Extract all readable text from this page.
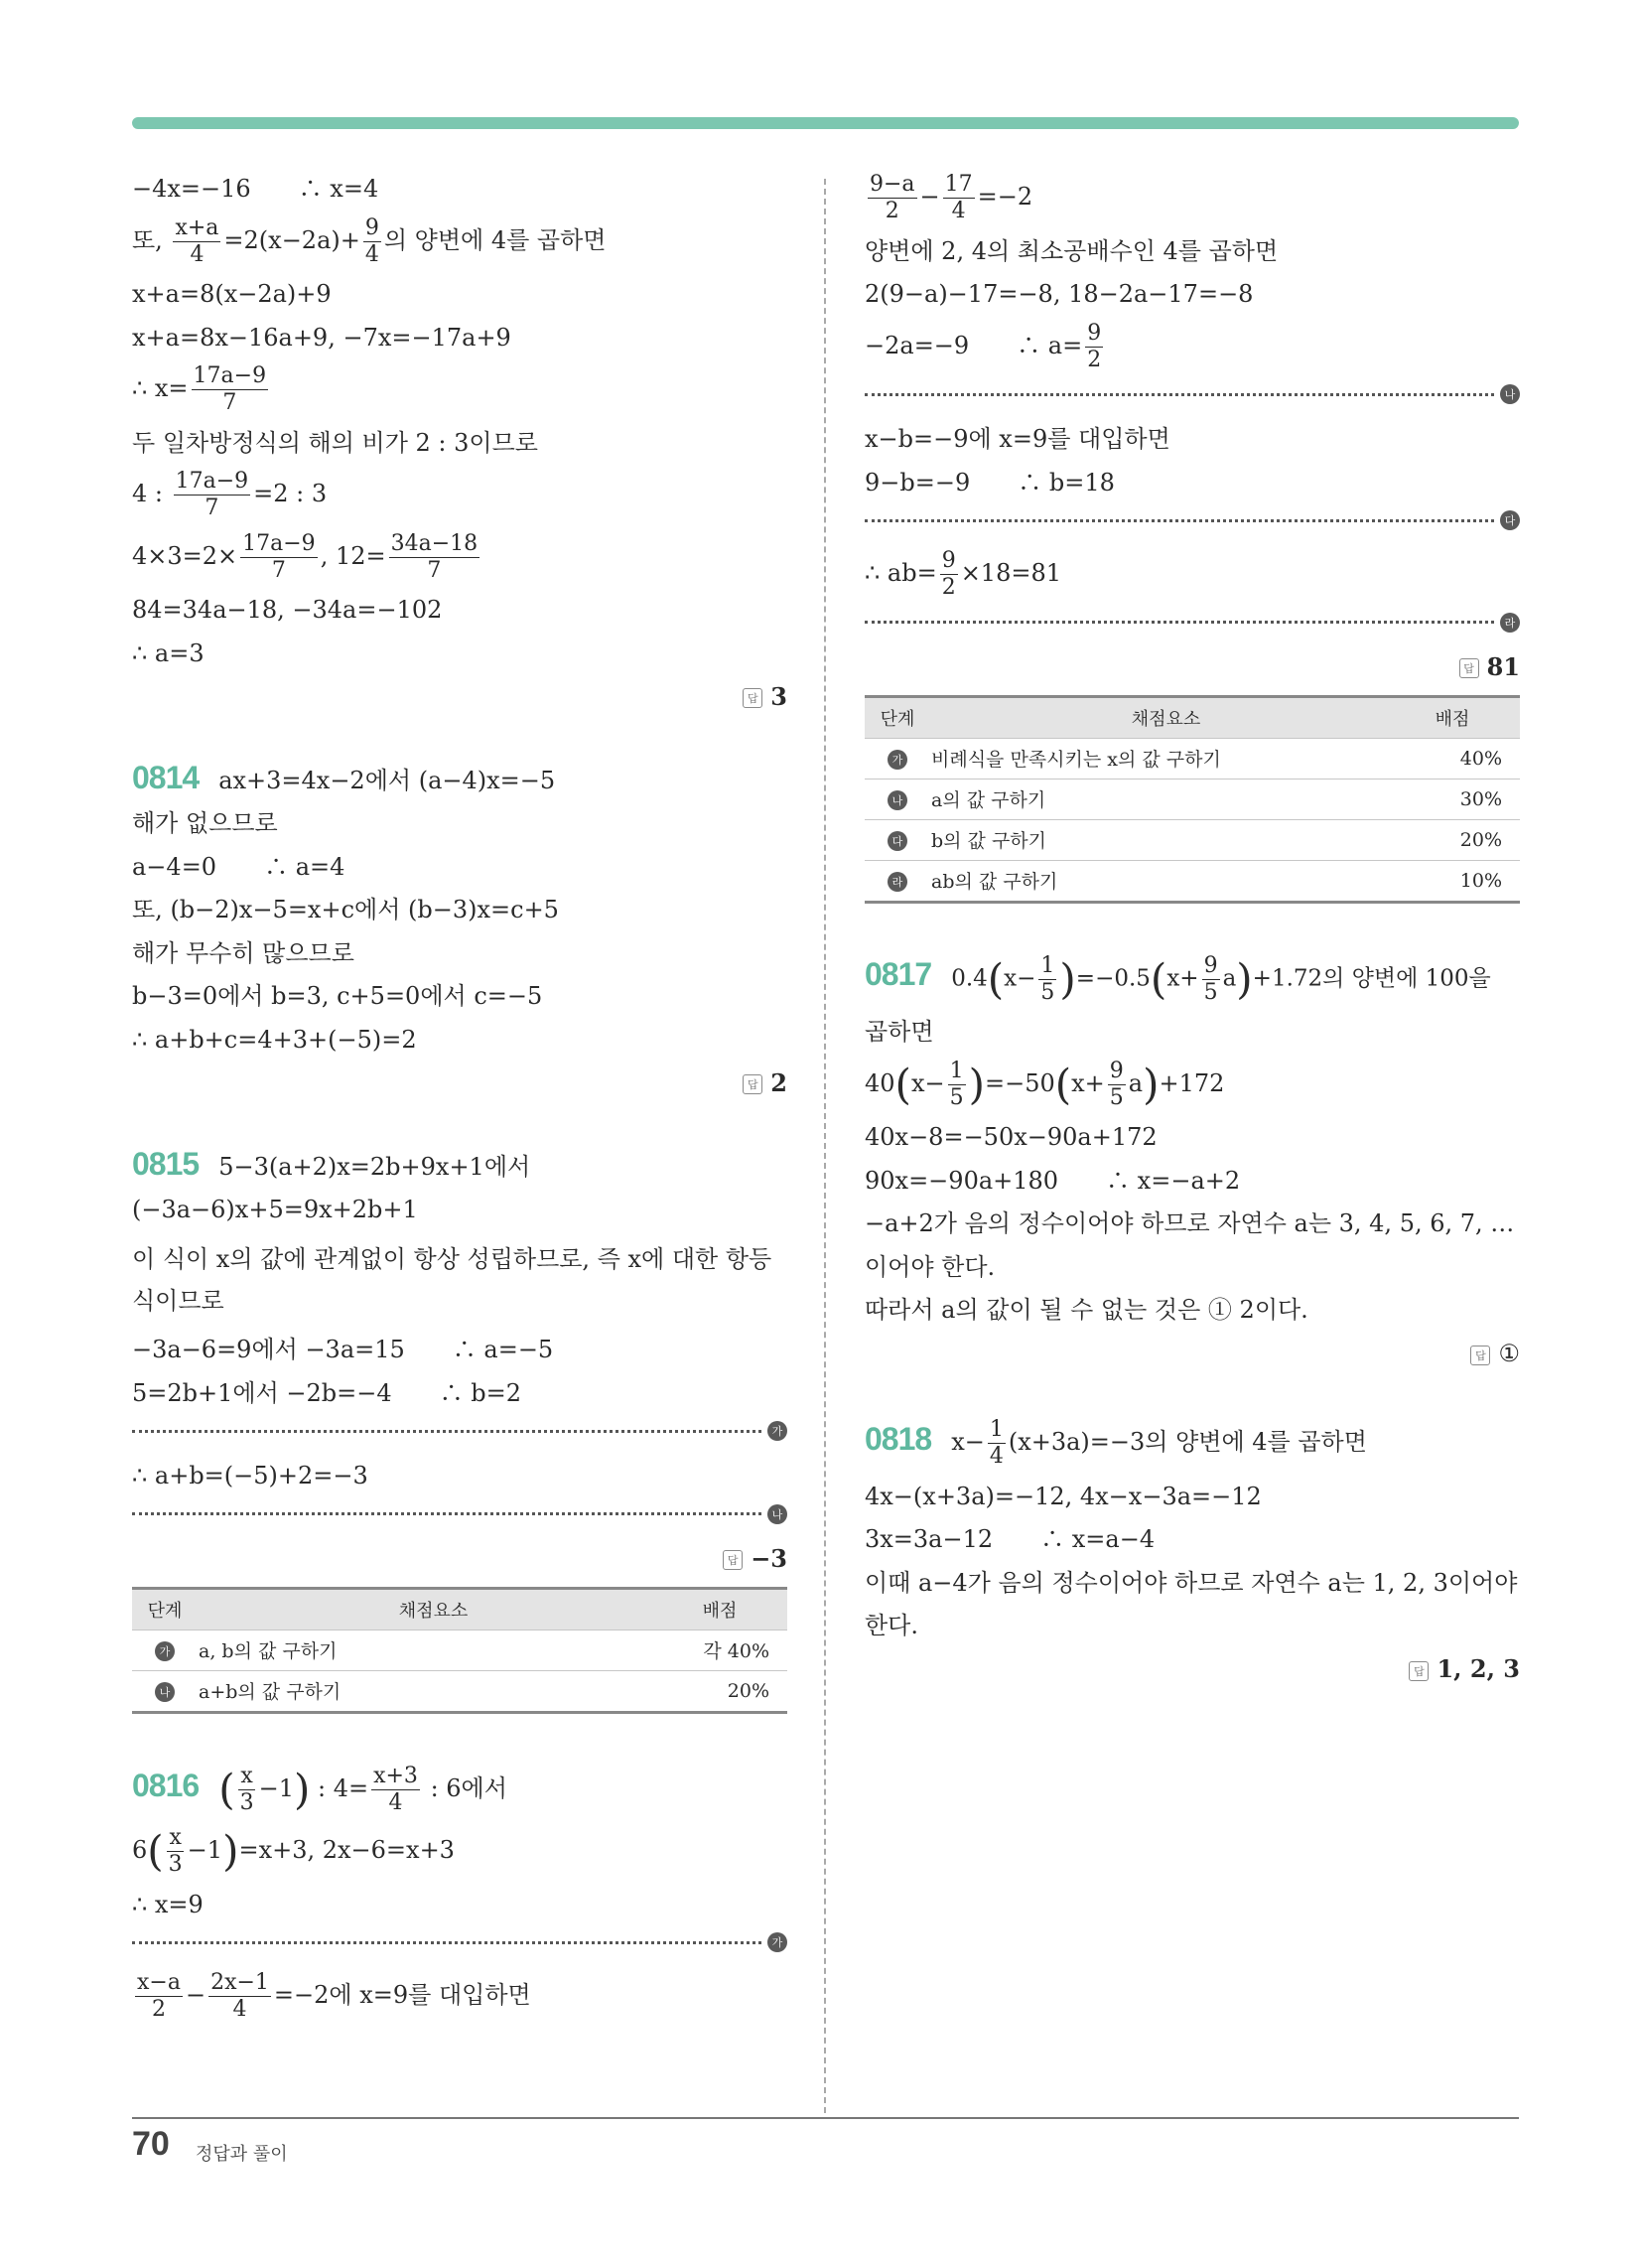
−4x=−16　　∴ x=4
또, $\frac{x+a}{4} =2(x-2a)+ \frac{9}{4}$ 의 양변에 4를 곱하면
x+a=8(x−2a)+9
x+a=8x−16a+9, −7x=−17a+9
∴ $x= \frac{17a-9}{7}$
두 일차방정식의 해의 비가 2 : 3이므로
4 : $\frac{17a-9}{7} =2$ : 3
$4\times 3=2\times \frac{17a-9}{7}$ , $12= \frac{34a-18}{7}$
84=34a−18, −34a=−102
∴ a=3
답 3
0814 ax+3=4x−2에서 (a−4)x=−5
해가 없으므로
a−4=0　　∴ a=4
또, (b−2)x−5=x+c에서 (b−3)x=c+5
해가 무수히 많으므로
b−3=0에서 b=3, c+5=0에서 c=−5
∴ a+b+c=4+3+(−5)=2
답 2
0815 5−3(a+2)x=2b+9x+1에서
(−3a−6)x+5=9x+2b+1
이 식이 x의 값에 관계없이 항상 성립하므로, 즉 x에 대한 항등식이므로
−3a−6=9에서 −3a=15　　∴ a=−5
5=2b+1에서 −2b=−4　　∴ b=2
가
∴ a+b=(−5)+2=−3
나
답 −3
단계	채점요소	배점
가	a, b의 값 구하기	각 40%
나	a+b의 값 구하기	20%
0816 ( $\frac{x}{3} -1$) : $4= \frac{x+3}{4}$ : 6에서
$6( \frac{x}{3} -1)=x+3$, 2x−6=x+3
∴ x=9
가
$\frac{x-a}{2} - \frac{2x-1}{4} =-2$에 x=9를 대입하면
$\frac{9-a}{2} - \frac{17}{4} =-2$
양변에 2, 4의 최소공배수인 4를 곱하면
2(9−a)−17=−8, 18−2a−17=−8
−2a=−9　　∴ $a= \frac{9}{2}$
나
x−b=−9에 x=9를 대입하면
9−b=−9　　∴ b=18
다
∴ $ab= \frac{9}{2} \times 18=81$
라
답 81
단계	채점요소	배점
가	비례식을 만족시키는 x의 값 구하기	40%
나	a의 값 구하기	30%
다	b의 값 구하기	20%
라	ab의 값 구하기	10%
0817 $0.4(x- \frac{1}{5} )=-0.5(x+ \frac{9}{5} a)+1.72$의 양변에 100을
곱하면
$40(x- \frac{1}{5} )=-50(x+ \frac{9}{5} a)+172$
40x−8=−50x−90a+172
90x=−90a+180　　∴ x=−a+2
−a+2가 음의 정수이어야 하므로 자연수 a는 3, 4, 5, 6, 7, …
이어야 한다.
따라서 a의 값이 될 수 없는 것은 ① 2이다.
답 ①
0818 $x- \frac{1}{4} (x+3a)=-3$의 양변에 4를 곱하면
4x−(x+3a)=−12, 4x−x−3a=−12
3x=3a−12　　∴ x=a−4
이때 a−4가 음의 정수이어야 하므로 자연수 a는 1, 2, 3이어야
한다.
답 1, 2, 3
70 정답과 풀이
